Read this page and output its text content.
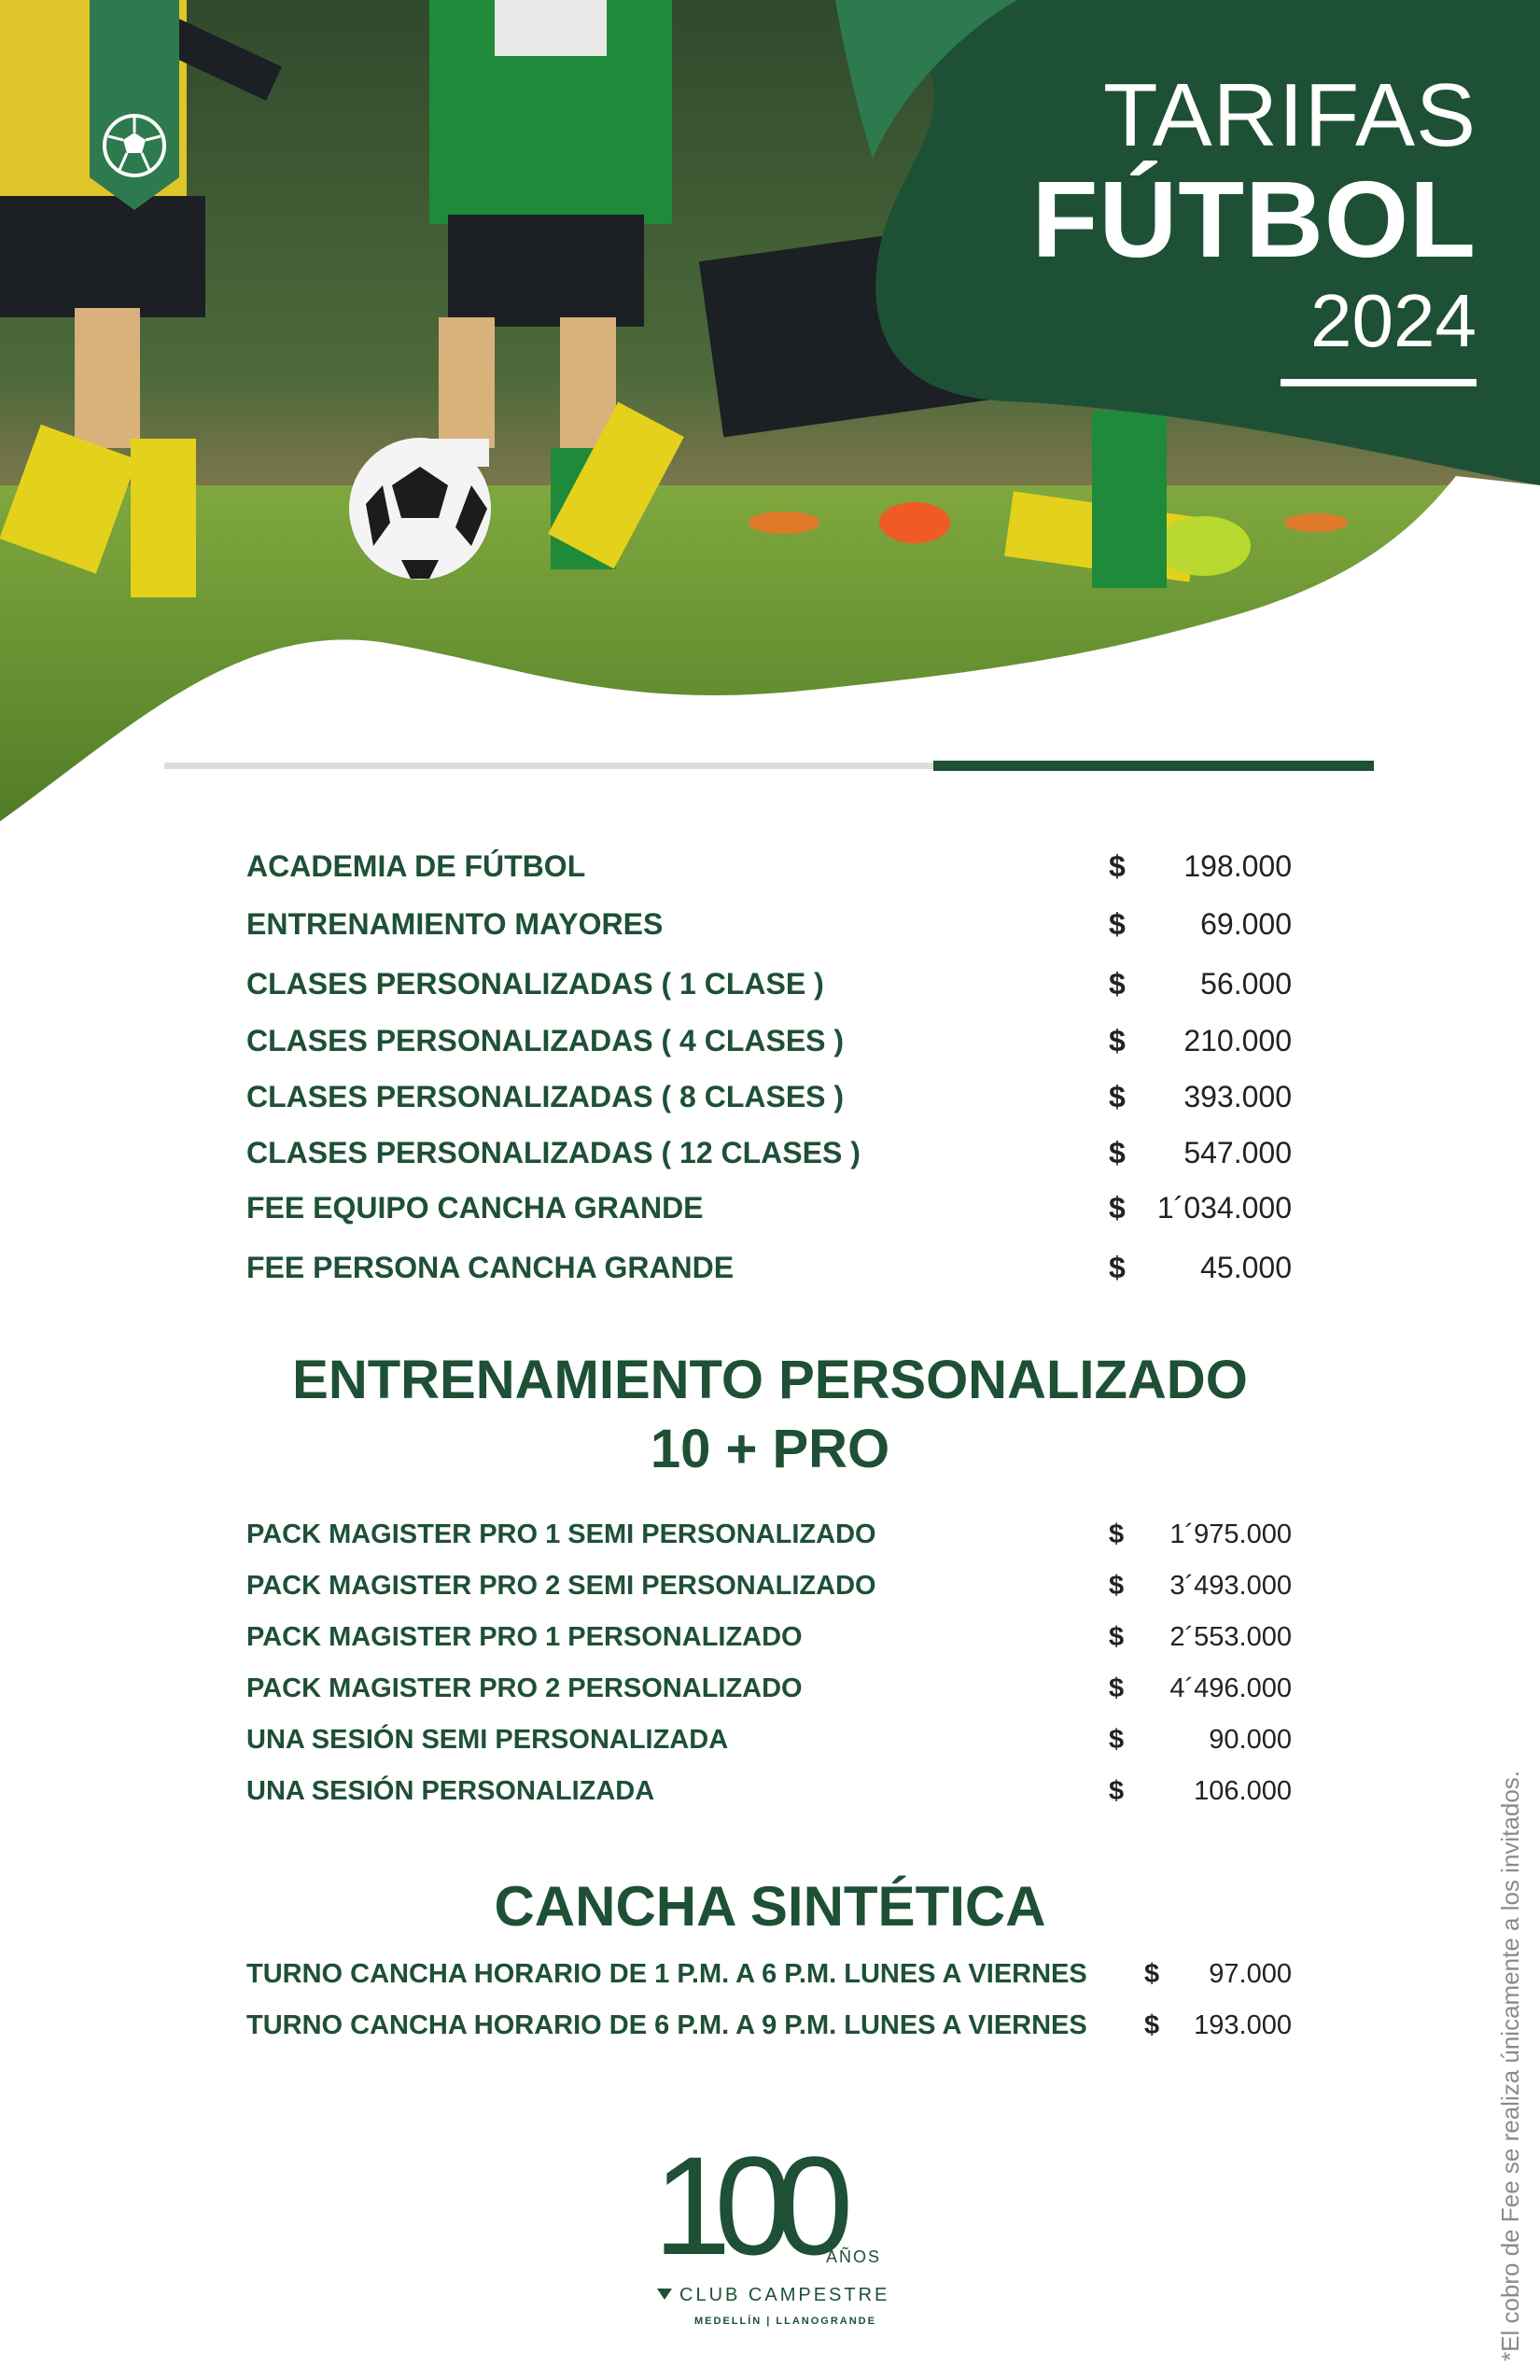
TARIFAS
FÚTBOL
2024
ACADEMIA DE FÚTBOL	$ 198.000
ENTRENAMIENTO MAYORES	$	69.000
CLASES PERSONALIZADAS ( 1 CLASE )	$	56.000
CLASES PERSONALIZADAS ( 4 CLASES )	$ 210.000
CLASES PERSONALIZADAS ( 8 CLASES )	$ 393.000
CLASES PERSONALIZADAS ( 12 CLASES )	$ 547.000
FEE EQUIPO CANCHA GRANDE	$ 1´034.000
FEE PERSONA CANCHA GRANDE	$	45.000
ENTRENAMIENTO PERSONALIZADO
10 + PRO
PACK MAGISTER PRO 1 SEMI PERSONALIZADO	$ 1´975.000
PACK MAGISTER PRO 2 SEMI PERSONALIZADO	$ 3´493.000
PACK MAGISTER PRO 1 PERSONALIZADO	$ 2´553.000
PACK MAGISTER PRO 2 PERSONALIZADO	$ 4´496.000
UNA SESIÓN SEMI PERSONALIZADA	$	90.000
UNA SESIÓN PERSONALIZADA	$	106.000
CANCHA SINTÉTICA
TURNO CANCHA HORARIO DE 1 P.M. A 6 P.M. LUNES A VIERNES $ 97.000
TURNO CANCHA HORARIO DE 6 P.M. A 9 P.M. LUNES A VIERNES $ 193.000
100
AÑOS
CLUB CAMPESTRE
MEDELLÍN | LLANOGRANDE	*El cobro de Fee se realiza únicamente a los invitados.
